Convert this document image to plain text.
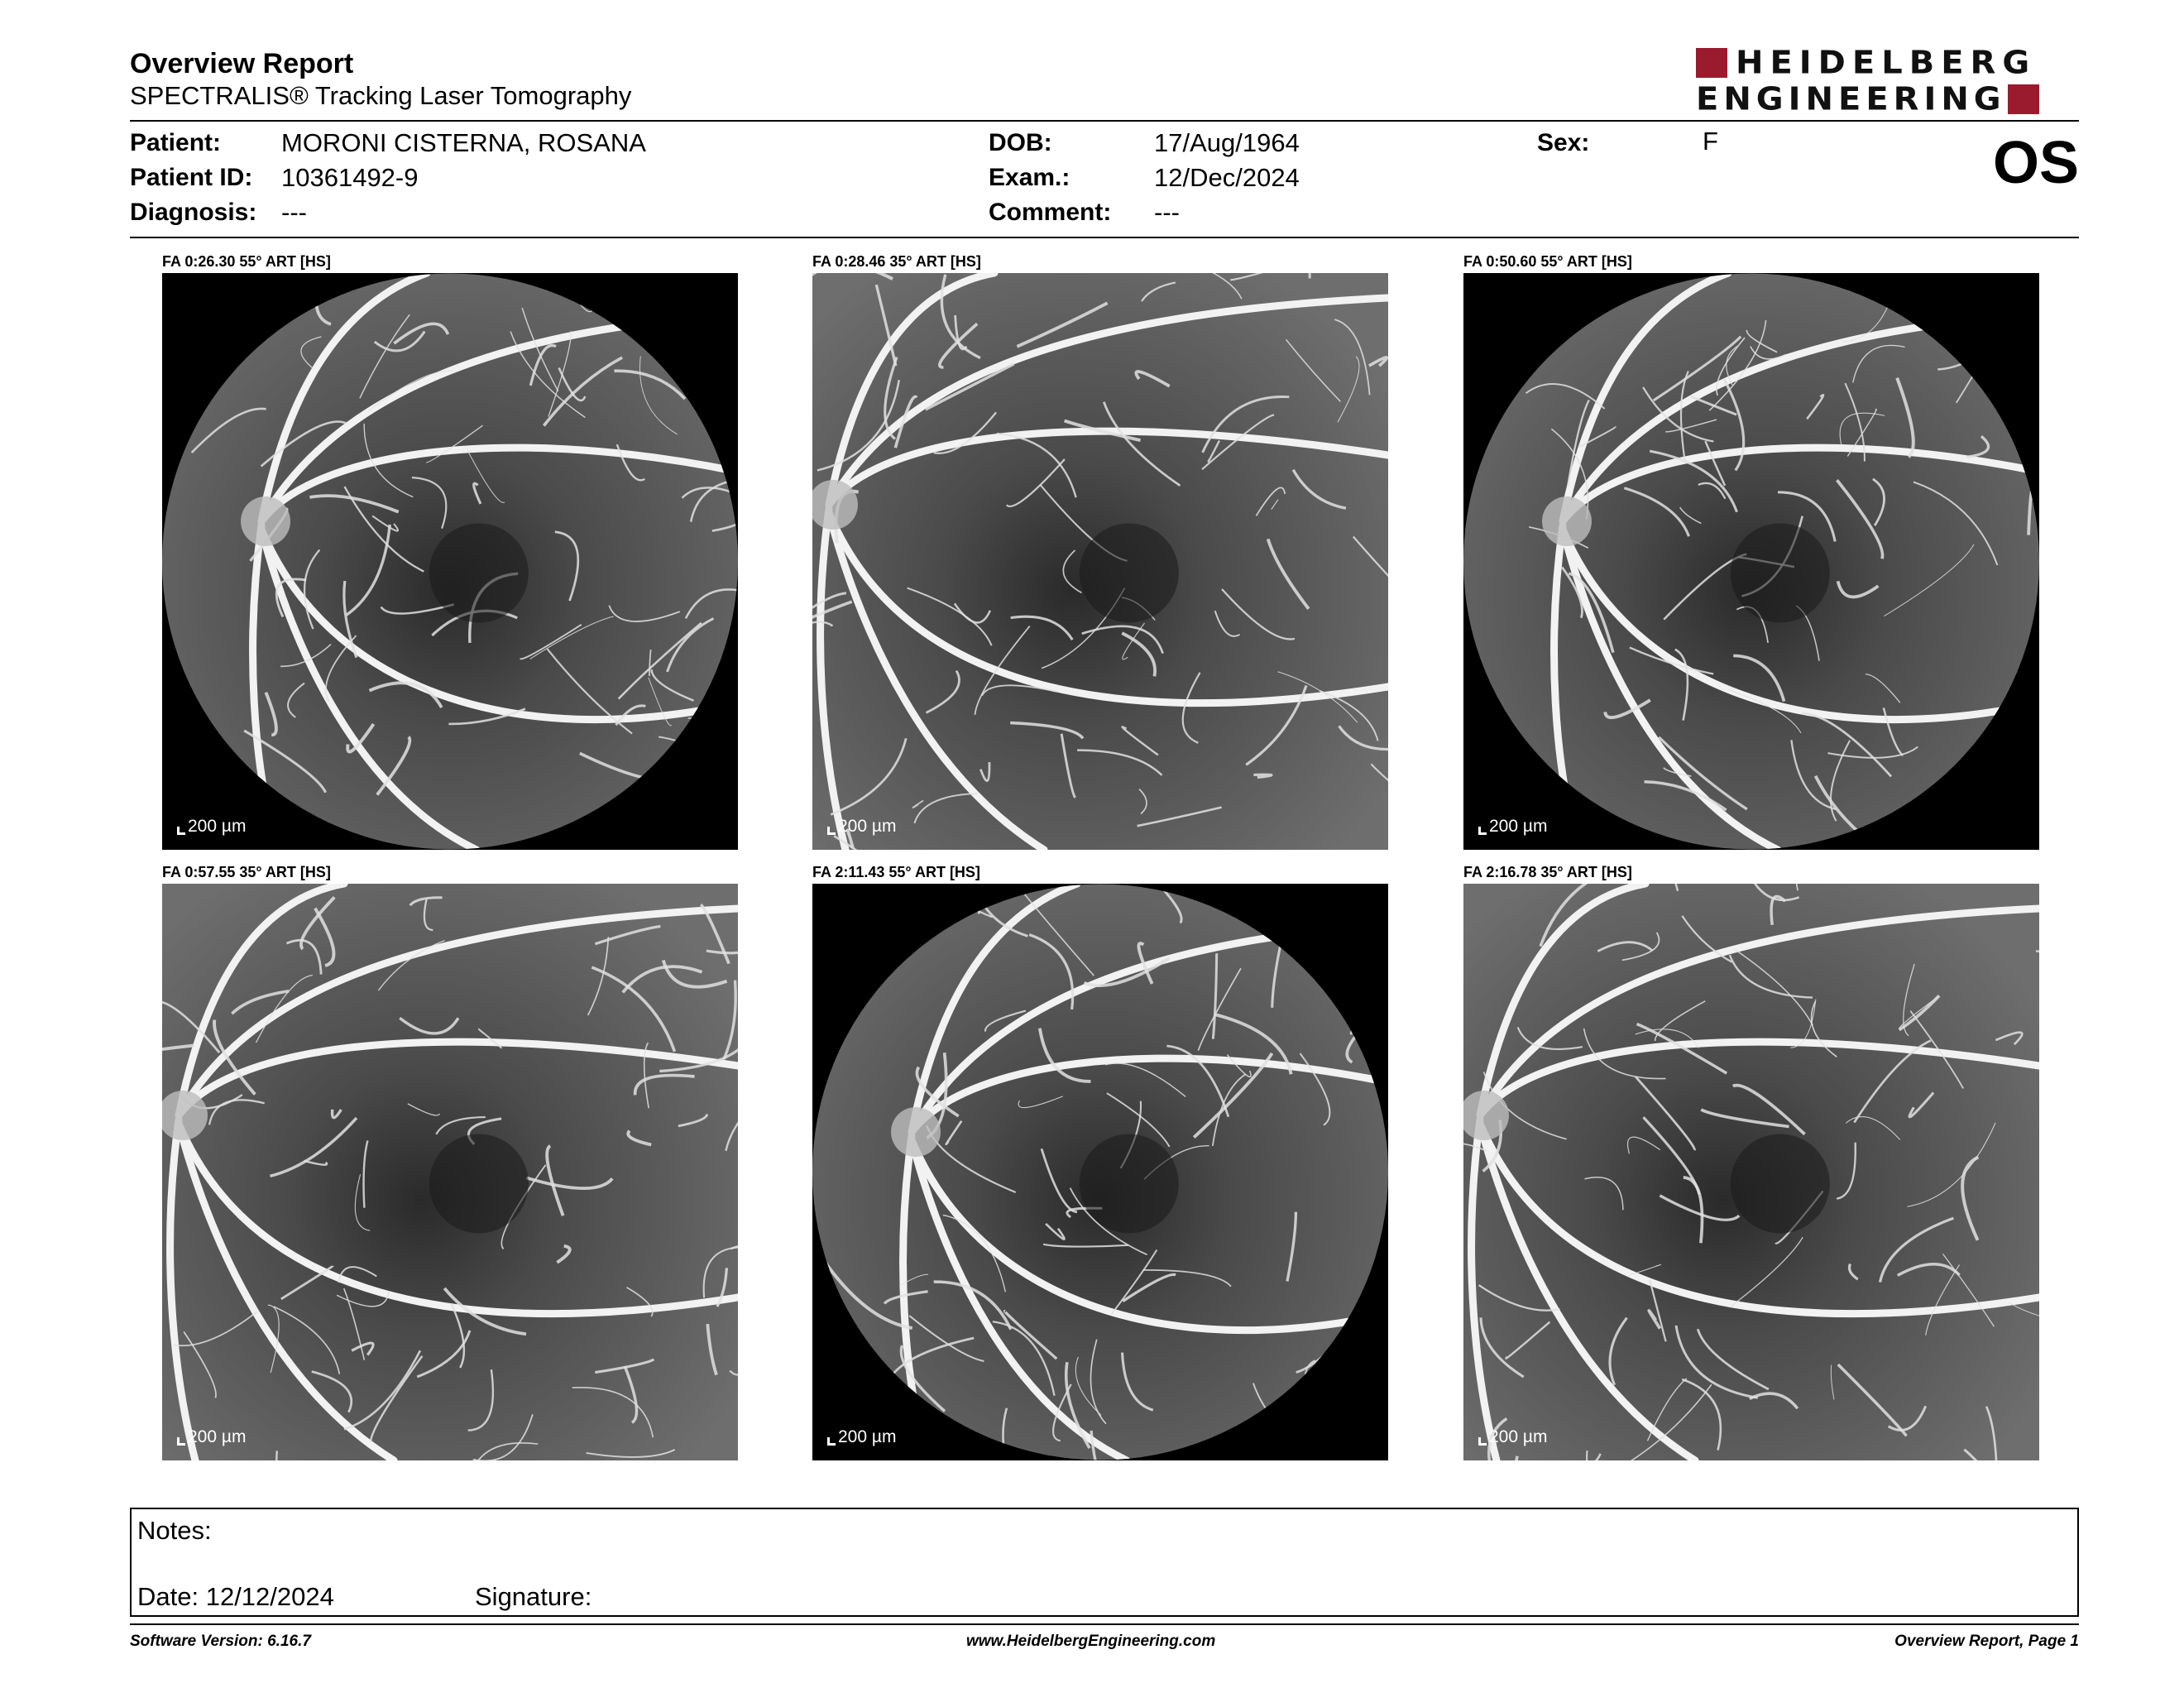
Overview Report
SPECTRALIS® Tracking Laser Tomography
HEIDELBERG
ENGINEERING
Patient: MORONI CISTERNA, ROSANA
Patient ID: 10361492-9
Diagnosis: ---
DOB:	17/Aug/1964
Exam.:	12/Dec/2024
Comment: ---
Sex:	F	OS
FA 0:26.30 55° ART [HS]
200 µm
FA 0:28.46 35° ART [HS]
200 µm
FA 0:50.60 55° ART [HS]
200 µm
FA 0:57.55 35° ART [HS]
200 µm
FA 2:11.43 55° ART [HS]
200 µm
FA 2:16.78 35° ART [HS]
200 µm
Notes:
Date: 12/12/2024	Signature:
Software Version: 6.16.7	www.HeidelbergEngineering.com	Overview Report, Page 1
